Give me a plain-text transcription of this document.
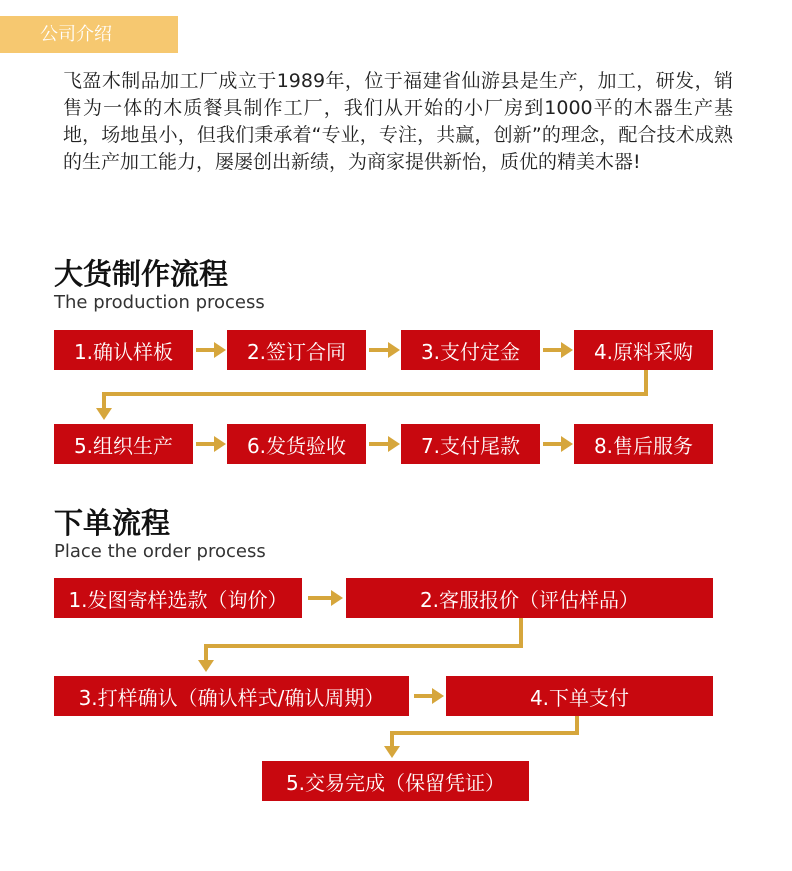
公司介绍

飞盈木制品加工厂成立于1989年，位于福建省仙游县是生产，加工，研发，销售为一体的木质餐具制作工厂，我们从开始的小厂房到1000平的木器生产基地，场地虽小，但我们秉承着“专业，专注，共赢，创新”的理念，配合技术成熟的生产加工能力，屡屡创出新绩，为商家提供新怡，质优的精美木器!

大货制作流程
The production process
1.确认样板	2.签订合同	3.支付定金	4.原料采购
5.组织生产	6.发货验收	7.支付尾款	8.售后服务
下单流程
Place the order process
1.发图寄样选款（询价）	2.客服报价（评估样品）
3.打样确认（确认样式/确认周期）	4.下单支付
5.交易完成（保留凭证）
